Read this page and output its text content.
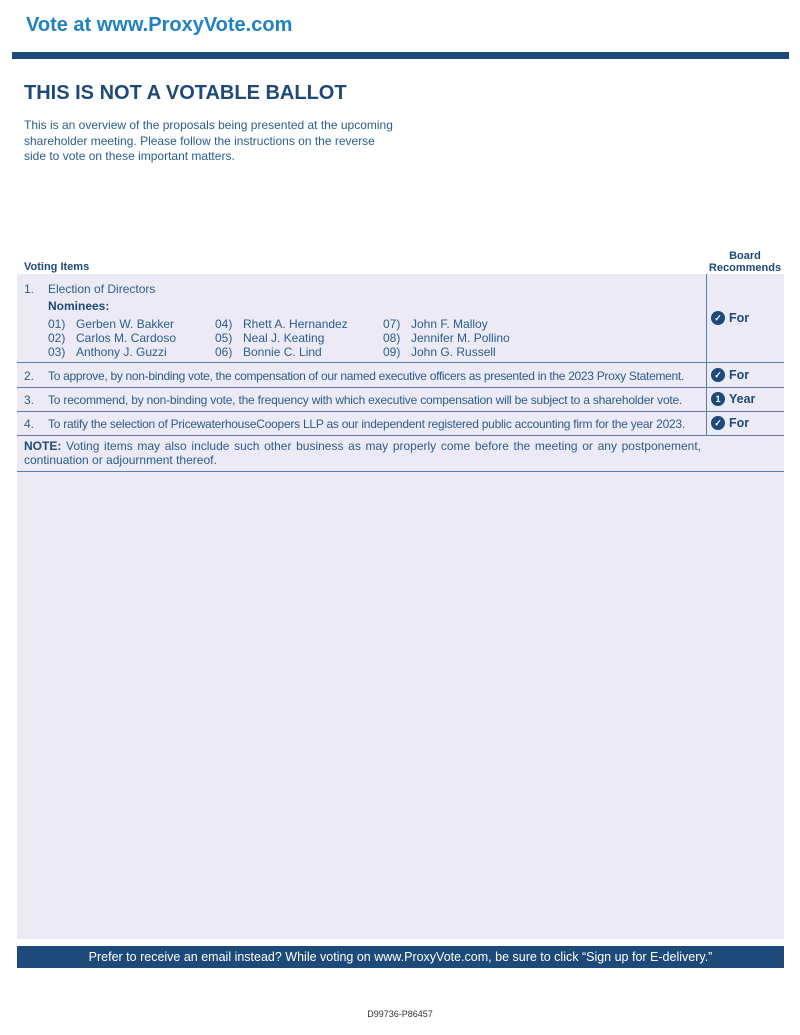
Vote at www.ProxyVote.com
THIS IS NOT A VOTABLE BALLOT
This is an overview of the proposals being presented at the upcoming shareholder meeting. Please follow the instructions on the reverse side to vote on these important matters.
Board
Recommends
Voting Items
1. Election of Directors
Nominees:
01) Gerben W. Bakker
02) Carlos M. Cardoso
03) Anthony J. Guzzi
04) Rhett A. Hernandez
05) Neal J. Keating
06) Bonnie C. Lind
07) John F. Malloy
08) Jennifer M. Pollino
09) John G. Russell
✓ For
2. To approve, by non-binding vote, the compensation of our named executive officers as presented in the 2023 Proxy Statement.	✓ For
3. To recommend, by non-binding vote, the frequency with which executive compensation will be subject to a shareholder vote.	1 Year
4. To ratify the selection of PricewaterhouseCoopers LLP as our independent registered public accounting firm for the year 2023.	✓ For
NOTE: Voting items may also include such other business as may properly come before the meeting or any postponement, continuation or adjournment thereof.
Prefer to receive an email instead? While voting on www.ProxyVote.com, be sure to click “Sign up for E-delivery.”
D99736-P86457
